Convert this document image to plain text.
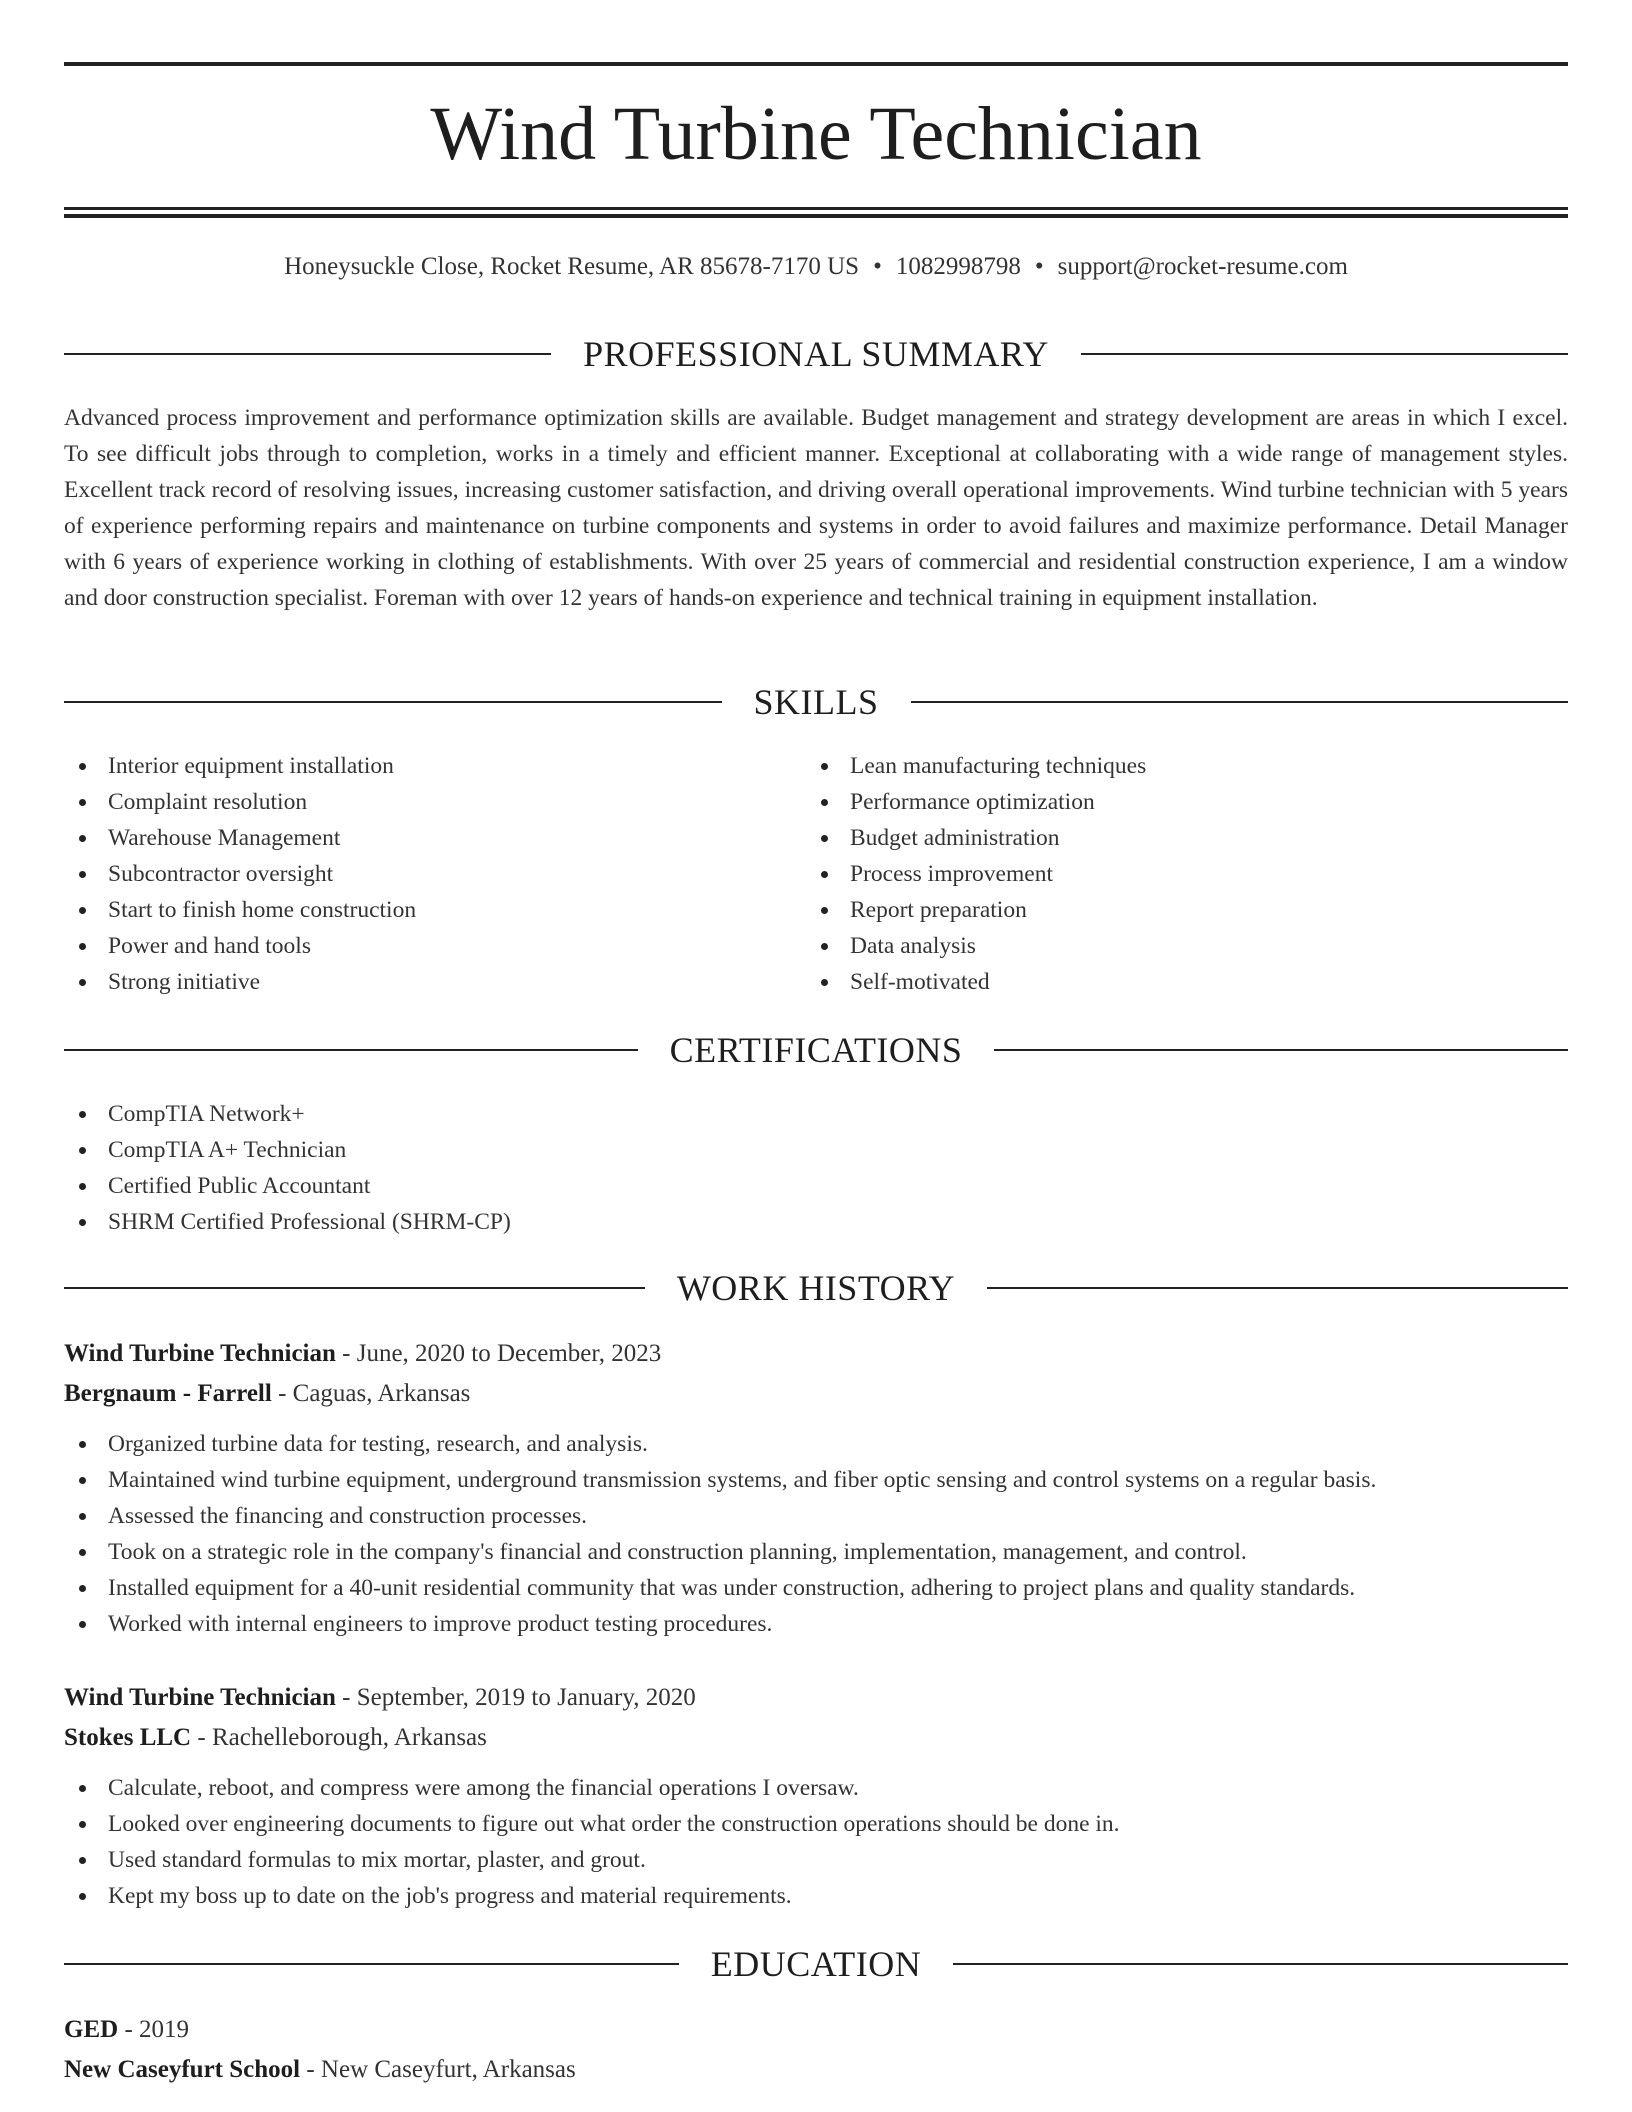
Wind Turbine Technician
Honeysuckle Close, Rocket Resume, AR 85678-7170 US • 1082998798 • support@rocket-resume.com
PROFESSIONAL SUMMARY

Advanced process improvement and performance optimization skills are available. Budget management and strategy development are areas in which I excel. To see difficult jobs through to completion, works in a timely and efficient manner. Exceptional at collaborating with a wide range of management styles. Excellent track record of resolving issues, increasing customer satisfaction, and driving overall operational improvements. Wind turbine technician with 5 years of experience performing repairs and maintenance on turbine components and systems in order to avoid failures and maximize performance. Detail Manager with 6 years of experience working in clothing of establishments. With over 25 years of commercial and residential construction experience, I am a window and door construction specialist. Foreman with over 12 years of hands-on experience and technical training in equipment installation.

SKILLS
Interior equipment installation
Complaint resolution
Warehouse Management
Subcontractor oversight
Start to finish home construction
Power and hand tools
Strong initiative
Lean manufacturing techniques
Performance optimization
Budget administration
Process improvement
Report preparation
Data analysis
Self-motivated
CERTIFICATIONS
CompTIA Network+
CompTIA A+ Technician
Certified Public Accountant
SHRM Certified Professional (SHRM-CP)
WORK HISTORY
Wind Turbine Technician - June, 2020 to December, 2023
Bergnaum - Farrell - Caguas, Arkansas
Organized turbine data for testing, research, and analysis.
Maintained wind turbine equipment, underground transmission systems, and fiber optic sensing and control systems on a regular basis.
Assessed the financing and construction processes.
Took on a strategic role in the company's financial and construction planning, implementation, management, and control.
Installed equipment for a 40-unit residential community that was under construction, adhering to project plans and quality standards.
Worked with internal engineers to improve product testing procedures.
Wind Turbine Technician - September, 2019 to January, 2020
Stokes LLC - Rachelleborough, Arkansas
Calculate, reboot, and compress were among the financial operations I oversaw.
Looked over engineering documents to figure out what order the construction operations should be done in.
Used standard formulas to mix mortar, plaster, and grout.
Kept my boss up to date on the job's progress and material requirements.
EDUCATION
GED - 2019
New Caseyfurt School - New Caseyfurt, Arkansas
